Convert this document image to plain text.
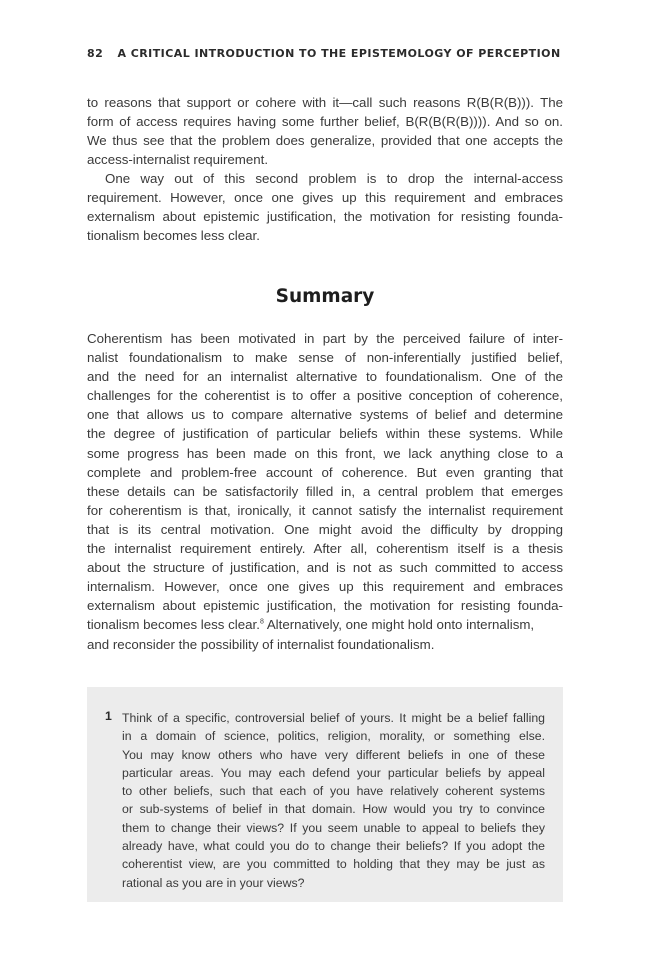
82 A CRITICAL INTRODUCTION TO THE EPISTEMOLOGY OF PERCEPTION
to reasons that support or cohere with it—call such reasons R(B(R(B))). The
form of access requires having some further belief, B(R(B(R(B)))). And so on.
We thus see that the problem does generalize, provided that one accepts the
access-internalist requirement.
One way out of this second problem is to drop the internal-access
requirement. However, once one gives up this requirement and embraces
externalism about epistemic justification, the motivation for resisting founda-
tionalism becomes less clear.
Summary
Coherentism has been motivated in part by the perceived failure of inter-
nalist foundationalism to make sense of non-inferentially justified belief,
and the need for an internalist alternative to foundationalism. One of the
challenges for the coherentist is to offer a positive conception of coherence,
one that allows us to compare alternative systems of belief and determine
the degree of justification of particular beliefs within these systems. While
some progress has been made on this front, we lack anything close to a
complete and problem-free account of coherence. But even granting that
these details can be satisfactorily filled in, a central problem that emerges
for coherentism is that, ironically, it cannot satisfy the internalist requirement
that is its central motivation. One might avoid the difficulty by dropping
the internalist requirement entirely. After all, coherentism itself is a thesis
about the structure of justification, and is not as such committed to access
internalism. However, once one gives up this requirement and embraces
externalism about epistemic justification, the motivation for resisting founda-
tionalism becomes less clear.$^8$ Alternatively, one might hold onto internalism,
and reconsider the possibility of internalist foundationalism.
1 Think of a specific, controversial belief of yours. It might be a belief falling
in a domain of science, politics, religion, morality, or something else.
You may know others who have very different beliefs in one of these
particular areas. You may each defend your particular beliefs by appeal
to other beliefs, such that each of you have relatively coherent systems
or sub-systems of belief in that domain. How would you try to convince
them to change their views? If you seem unable to appeal to beliefs they
already have, what could you do to change their beliefs? If you adopt the
coherentist view, are you committed to holding that they may be just as
rational as you are in your views?
